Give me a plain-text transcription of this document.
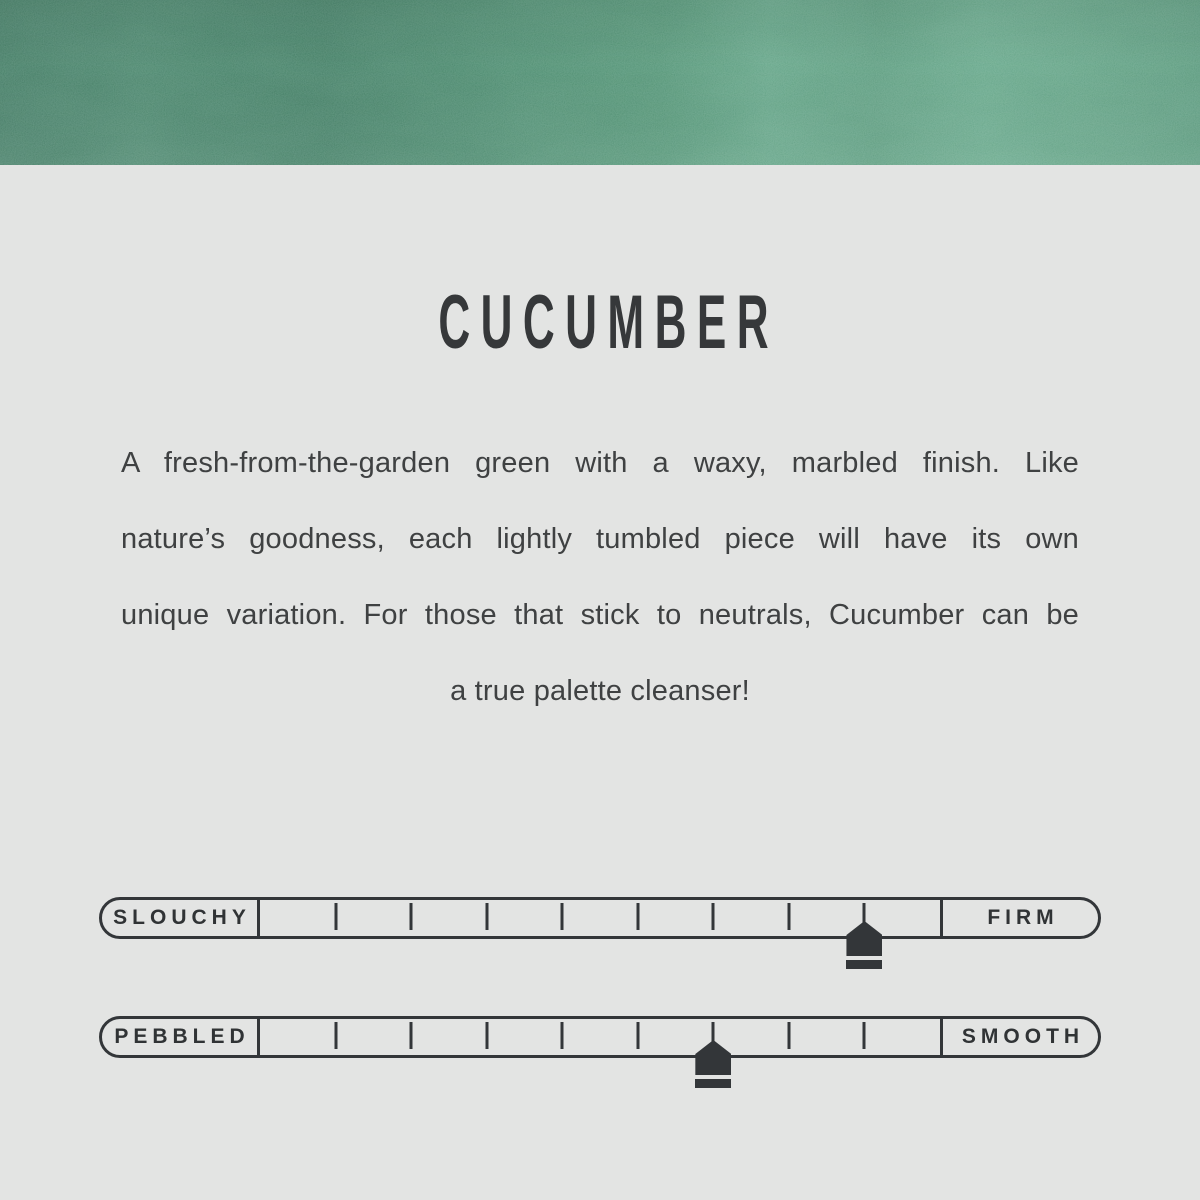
CUCUMBER
A fresh-from-the-garden green with a waxy, marbled finish. Like
nature’s goodness, each lightly tumbled piece will have its own
unique variation. For those that stick to neutrals, Cucumber can be
a true palette cleanser!
SLOUCHY	FIRM
PEBBLED	SMOOTH
